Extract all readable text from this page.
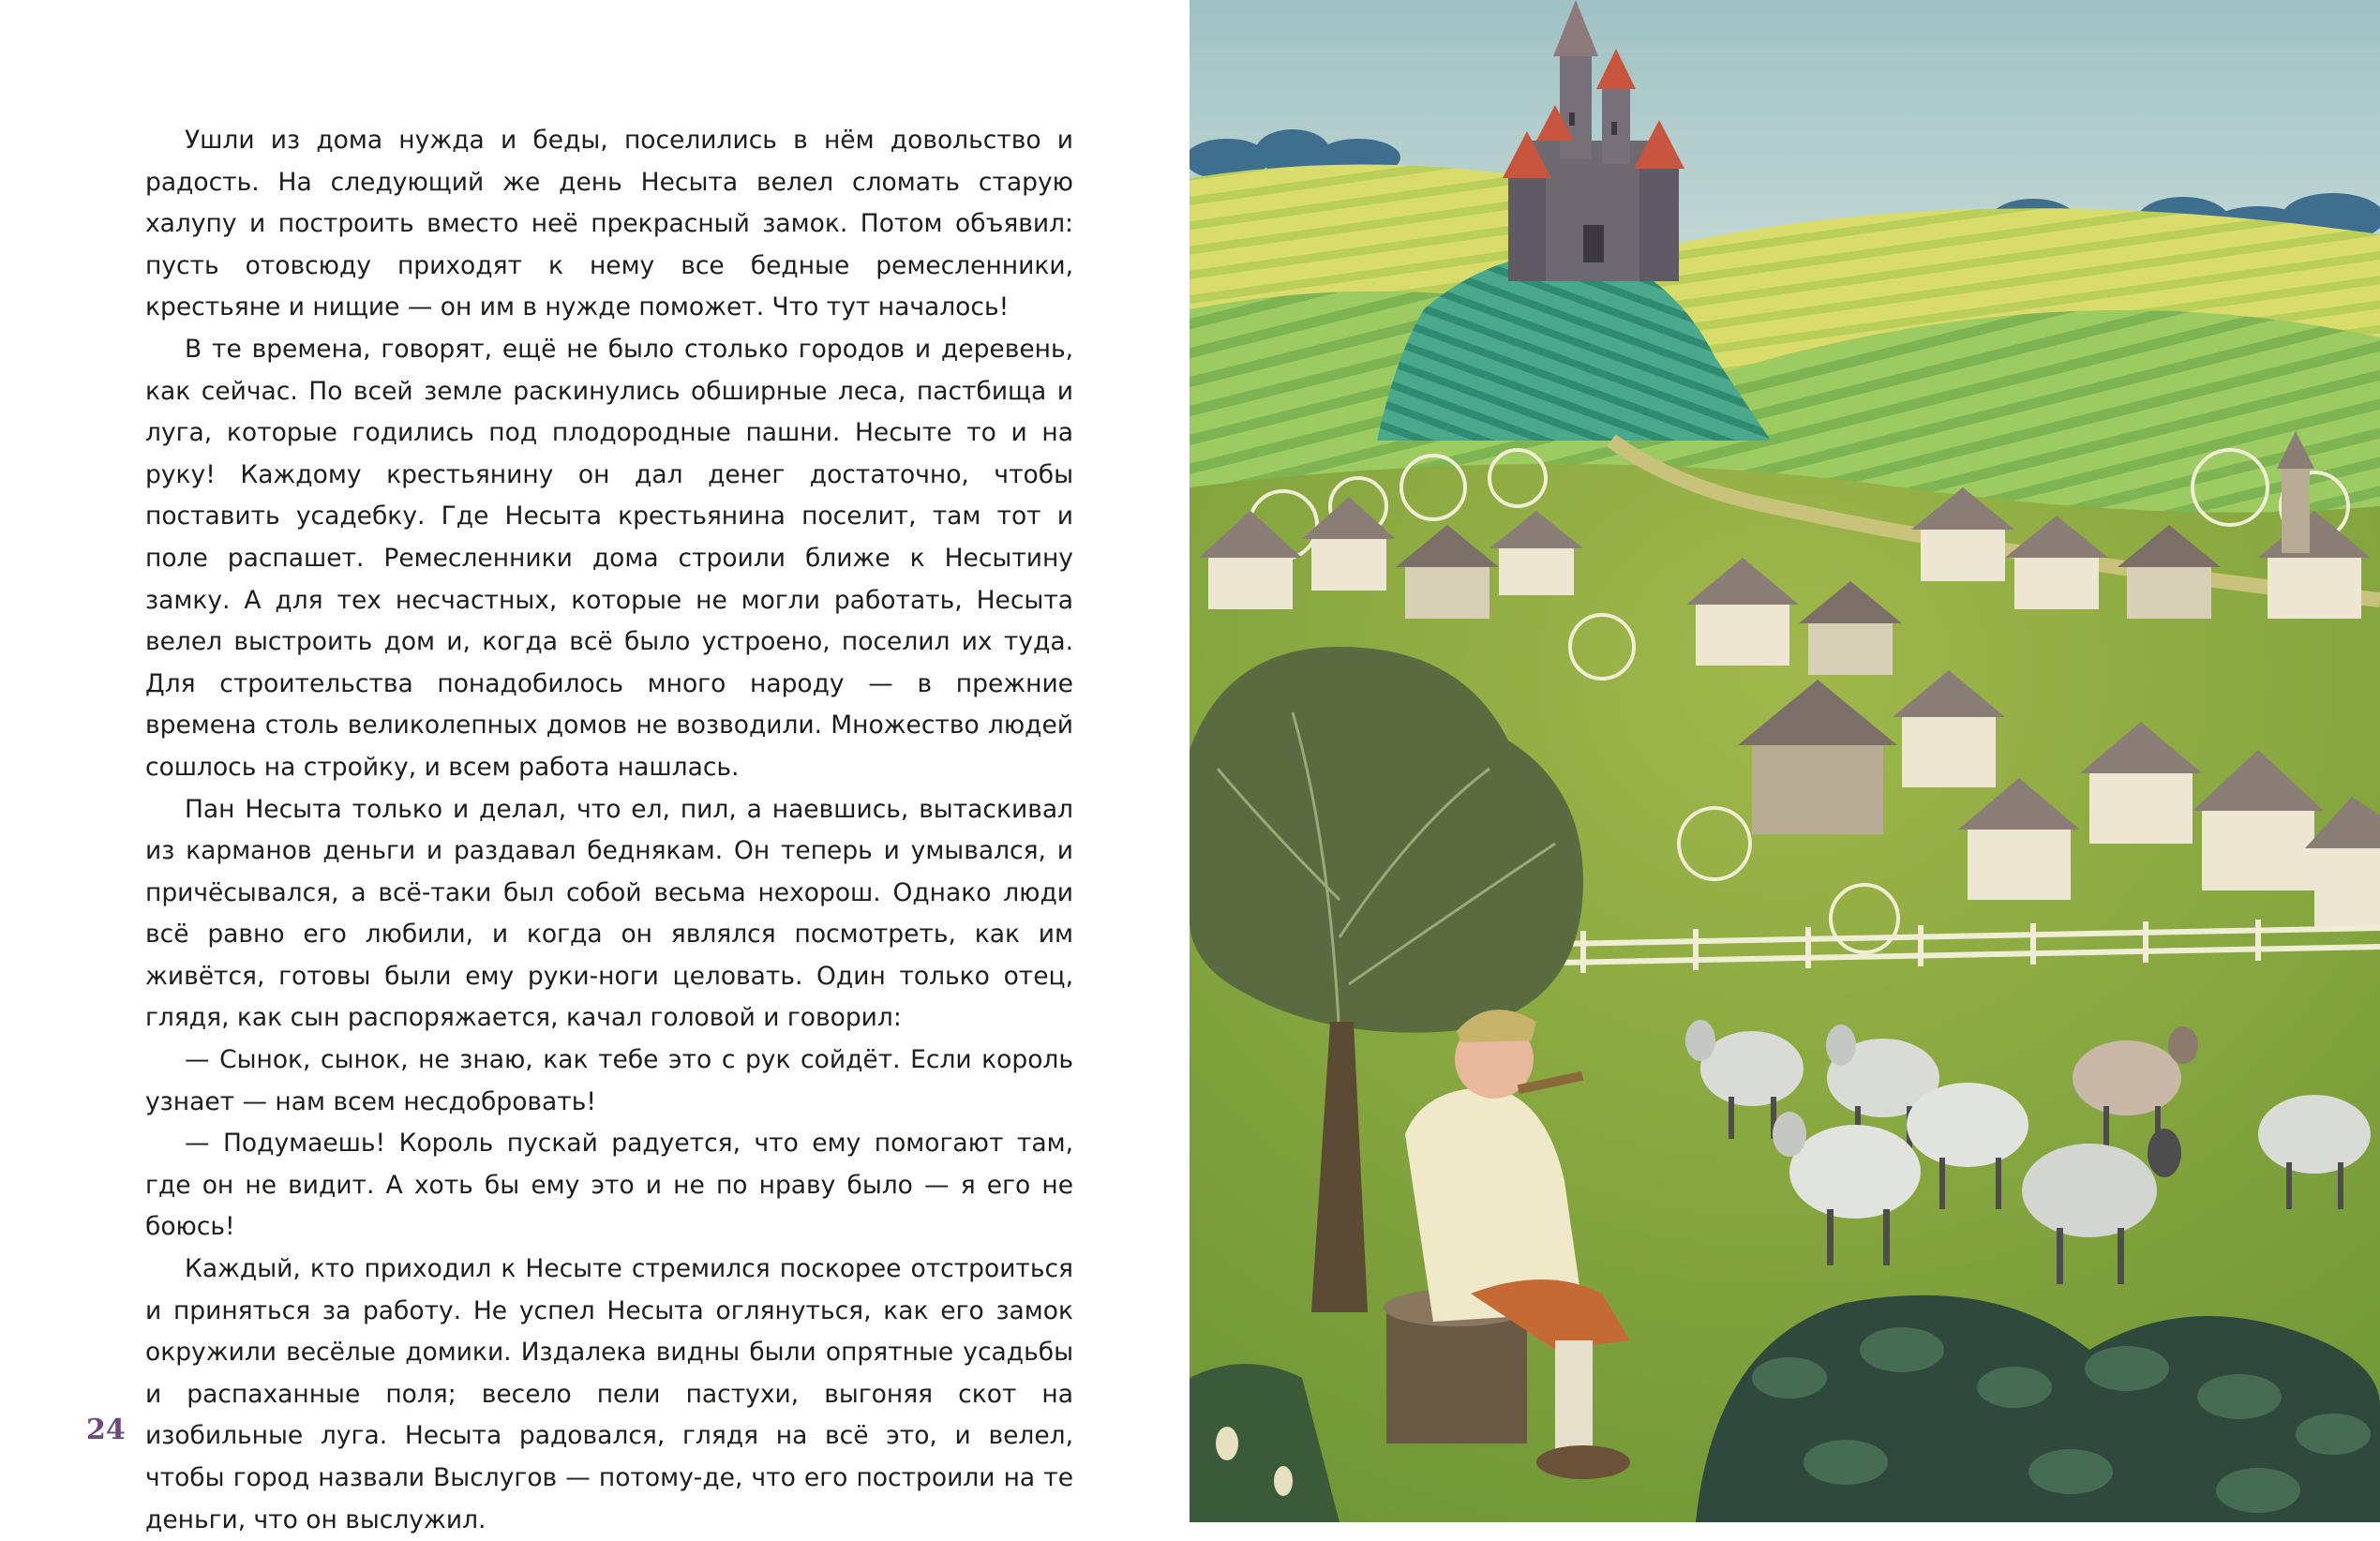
Ушли из дома нужда и беды, поселились в нём довольство и радость. На следующий же день Несыта велел сломать старую халупу и построить вместо неё прекрасный замок. Потом объявил: пусть отовсюду приходят к нему все бедные ремесленники, крестьяне и нищие — он им в нужде поможет. Что тут началось!

В те времена, говорят, ещё не было столько городов и деревень, как сейчас. По всей земле раскинулись обширные леса, пастбища и луга, которые годились под плодородные пашни. Несыте то и на руку! Каждому крестьянину он дал денег достаточно, чтобы поставить усадебку. Где Несыта крестьянина поселит, там тот и поле распашет. Ремесленники дома строили ближе к Несытину замку. А для тех несчастных, которые не могли работать, Несыта велел выстроить дом и, когда всё было устроено, поселил их туда. Для строительства понадобилось много народу — в прежние времена столь великолепных домов не возводили. Множество людей сошлось на стройку, и всем работа нашлась.

Пан Несыта только и делал, что ел, пил, а наевшись, вытаскивал из карманов деньги и раздавал беднякам. Он теперь и умывался, и причёсывался, а всё-таки был собой весьма нехорош. Однако люди всё равно его любили, и когда он являлся посмотреть, как им живётся, готовы были ему руки-ноги целовать. Один только отец, глядя, как сын распоряжается, качал головой и говорил:

— Сынок, сынок, не знаю, как тебе это с рук сойдёт. Если король узнает — нам всем несдобровать!

— Подумаешь! Король пускай радуется, что ему помогают там, где он не видит. А хоть бы ему это и не по нраву было — я его не боюсь!

Каждый, кто приходил к Несыте стремился поскорее отстроиться и приняться за работу. Не успел Несыта оглянуться, как его замок окружили весёлые домики. Издалека видны были опрятные усадьбы и распаханные поля; весело пели пастухи, выгоняя скот на изобильные луга. Несыта радовался, глядя на всё это, и велел, чтобы город назвали Выслугов — потому-де, что его построили на те деньги, что он выслужил.

24
